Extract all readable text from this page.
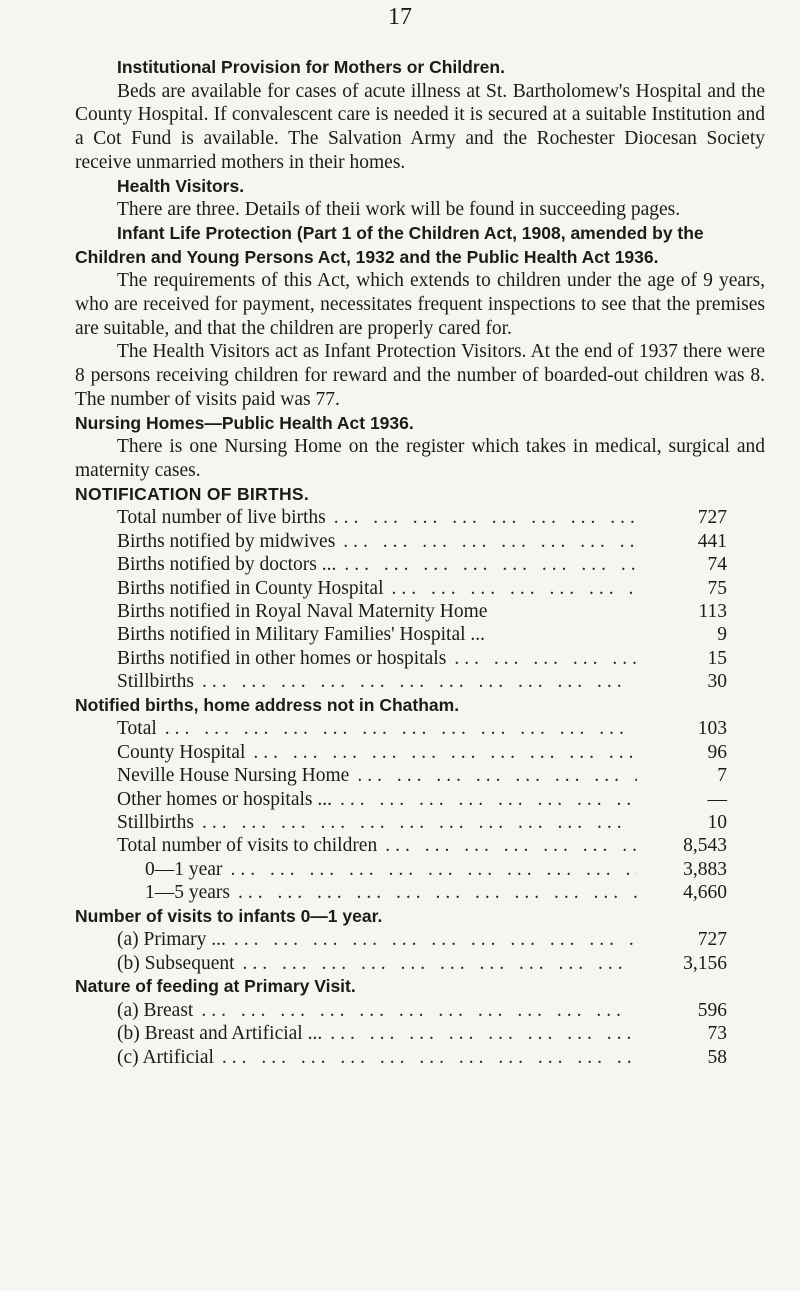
17
Institutional Provision for Mothers or Children.

Beds are available for cases of acute illness at St. Bartholomew's Hospital and the County Hospital. If convalescent care is needed it is secured at a suitable Institution and a Cot Fund is available. The Salvation Army and the Rochester Diocesan Society receive unmarried mothers in their homes.

Health Visitors.

There are three. Details of theii work will be found in succeeding pages.

Infant Life Protection (Part 1 of the Children Act, 1908, amended by the Children and Young Persons Act, 1932 and the Public Health Act 1936.

The requirements of this Act, which extends to children under the age of 9 years, who are received for payment, necessitates frequent inspections to see that the premises are suitable, and that the children are properly cared for.

The Health Visitors act as Infant Protection Visitors. At the end of 1937 there were 8 persons receiving children for reward and the number of boarded-out children was 8. The number of visits paid was 77.

Nursing Homes—Public Health Act 1936.

There is one Nursing Home on the register which takes in medical, surgical and maternity cases.

NOTIFICATION OF BIRTHS.
Total number of live births ... .	727
Births notified by midwives ... .	441
Births notified by doctors ... ... .	74
Births notified in County Hospital ... .	75
Births notified in Royal Naval Maternity Home	113
Births notified in Military Families' Hospital ...	9
Births notified in other homes or hospitals ... .	15
Stillbirths ... .	30
Notified births, home address not in Chatham.
Total ... .	103
County Hospital ... .	96
Neville House Nursing Home ... .	7
Other homes or hospitals ... ... .	—
Stillbirths ... .	10
Total number of visits to children ... .	8,543
0—1 year ... .	3,883
1—5 years ... .	4,660
Number of visits to infants 0—1 year.
(a) Primary ... ... .	727
(b) Subsequent ... .	3,156
Nature of feeding at Primary Visit.
(a) Breast ... .	596
(b) Breast and Artificial ... ... .	73
(c) Artificial ... .	58
